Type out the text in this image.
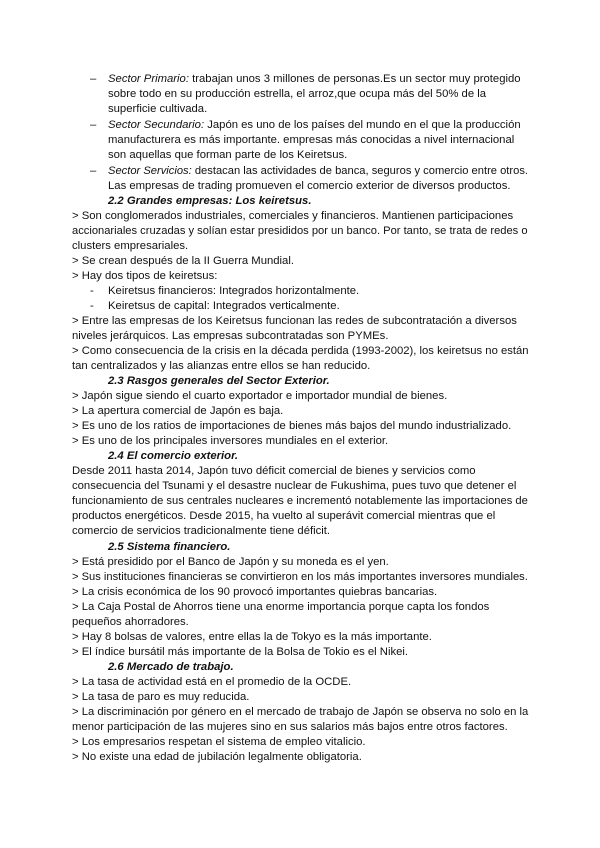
– Sector Primario: trabajan unos 3 millones de personas.Es un sector muy protegido
sobre todo en su producción estrella, el arroz,que ocupa más del 50% de la
superficie cultivada.
– Sector Secundario: Japón es uno de los países del mundo en el que la producción
manufacturera es más importante. empresas más conocidas a nivel internacional
son aquellas que forman parte de los Keiretsus.
– Sector Servicios: destacan las actividades de banca, seguros y comercio entre otros.
Las empresas de trading promueven el comercio exterior de diversos productos.
2.2 Grandes empresas: Los keiretsus.
> Son conglomerados industriales, comerciales y financieros. Mantienen participaciones
accionariales cruzadas y solían estar presididos por un banco. Por tanto, se trata de redes o
clusters empresariales.
> Se crean después de la II Guerra Mundial.
> Hay dos tipos de keiretsus:
- Keiretsus financieros: Integrados horizontalmente.
- Keiretsus de capital: Integrados verticalmente.
> Entre las empresas de los Keiretsus funcionan las redes de subcontratación a diversos
niveles jerárquicos. Las empresas subcontratadas son PYMEs.
> Como consecuencia de la crisis en la década perdida (1993-2002), los keiretsus no están
tan centralizados y las alianzas entre ellos se han reducido.
2.3 Rasgos generales del Sector Exterior.
> Japón sigue siendo el cuarto exportador e importador mundial de bienes.
> La apertura comercial de Japón es baja.
> Es uno de los ratios de importaciones de bienes más bajos del mundo industrializado.
> Es uno de los principales inversores mundiales en el exterior.
2.4 El comercio exterior.
Desde 2011 hasta 2014, Japón tuvo déficit comercial de bienes y servicios como
consecuencia del Tsunami y el desastre nuclear de Fukushima, pues tuvo que detener el
funcionamiento de sus centrales nucleares e incrementó notablemente las importaciones de
productos energéticos. Desde 2015, ha vuelto al superávit comercial mientras que el
comercio de servicios tradicionalmente tiene déficit.
2.5 Sistema financiero.
> Está presidido por el Banco de Japón y su moneda es el yen.
> Sus instituciones financieras se convirtieron en los más importantes inversores mundiales.
> La crisis económica de los 90 provocó importantes quiebras bancarias.
> La Caja Postal de Ahorros tiene una enorme importancia porque capta los fondos
pequeños ahorradores.
> Hay 8 bolsas de valores, entre ellas la de Tokyo es la más importante.
> El índice bursátil más importante de la Bolsa de Tokio es el Nikei.
2.6 Mercado de trabajo.
> La tasa de actividad está en el promedio de la OCDE.
> La tasa de paro es muy reducida.
> La discriminación por género en el mercado de trabajo de Japón se observa no solo en la
menor participación de las mujeres sino en sus salarios más bajos entre otros factores.
> Los empresarios respetan el sistema de empleo vitalicio.
> No existe una edad de jubilación legalmente obligatoria.
